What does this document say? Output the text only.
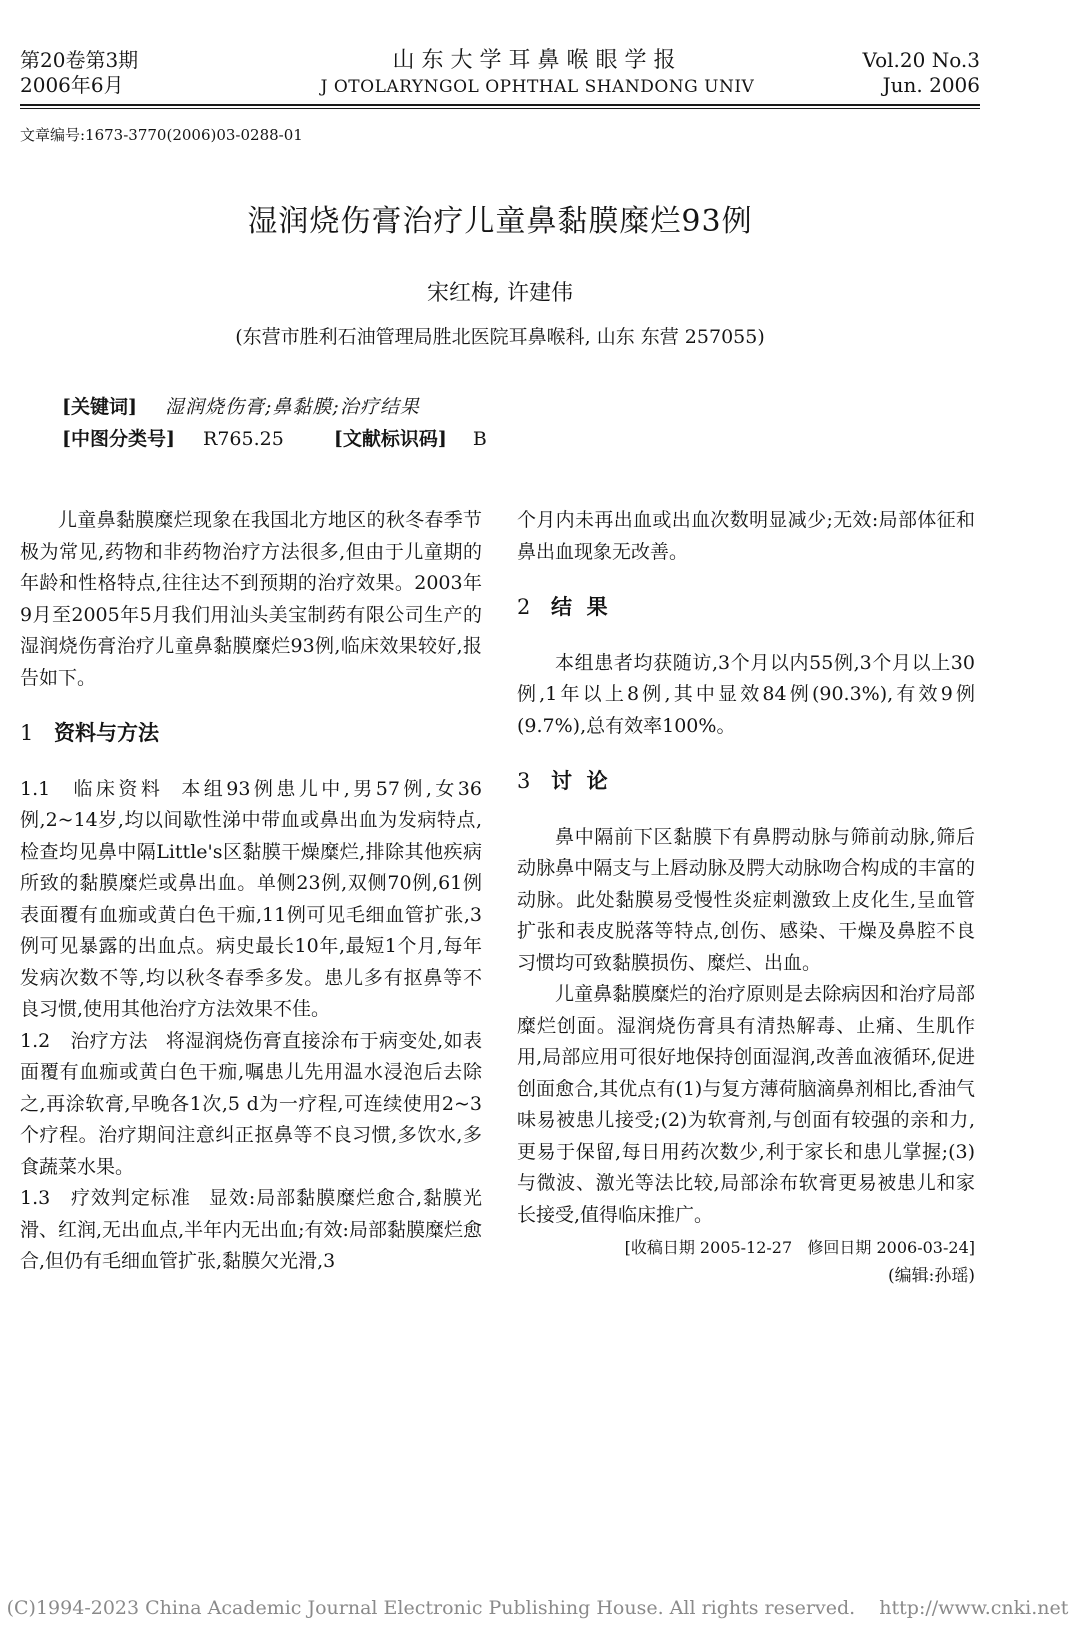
第20卷第3期
2006年6月
山东大学耳鼻喉眼学报
J OTOLARYNGOL OPHTHAL SHANDONG UNIV
Vol.20 No.3
Jun. 2006
文章编号:1673-3770(2006)03-0288-01
湿润烧伤膏治疗儿童鼻黏膜糜烂93例
宋红梅, 许建伟
(东营市胜利石油管理局胜北医院耳鼻喉科, 山东 东营 257055)
[关键词] 湿润烧伤膏;鼻黏膜;治疗结果
[中图分类号] R765.25	[文献标识码] B

儿童鼻黏膜糜烂现象在我国北方地区的秋冬春季节极为常见,药物和非药物治疗方法很多,但由于儿童期的年龄和性格特点,往往达不到预期的治疗效果。2003年9月至2005年5月我们用汕头美宝制药有限公司生产的湿润烧伤膏治疗儿童鼻黏膜糜烂93例,临床效果较好,报告如下。

1 资料与方法

1.1 临床资料 本组93例患儿中,男57例,女36例,2~14岁,均以间歇性涕中带血或鼻出血为发病特点,检查均见鼻中隔Little's区黏膜干燥糜烂,排除其他疾病所致的黏膜糜烂或鼻出血。单侧23例,双侧70例,61例表面覆有血痂或黄白色干痂,11例可见毛细血管扩张,3例可见暴露的出血点。病史最长10年,最短1个月,每年发病次数不等,均以秋冬春季多发。患儿多有抠鼻等不良习惯,使用其他治疗方法效果不佳。

1.2 治疗方法 将湿润烧伤膏直接涂布于病变处,如表面覆有血痂或黄白色干痂,嘱患儿先用温水浸泡后去除之,再涂软膏,早晚各1次,5 d为一疗程,可连续使用2~3个疗程。治疗期间注意纠正抠鼻等不良习惯,多饮水,多食蔬菜水果。

1.3 疗效判定标准 显效:局部黏膜糜烂愈合,黏膜光滑、红润,无出血点,半年内无出血;有效:局部黏膜糜烂愈合,但仍有毛细血管扩张,黏膜欠光滑,3

个月内未再出血或出血次数明显减少;无效:局部体征和鼻出血现象无改善。

2 结  果

本组患者均获随访,3个月以内55例,3个月以上30例,1年以上8例,其中显效84例(90.3%),有效9例(9.7%),总有效率100%。

3 讨  论

鼻中隔前下区黏膜下有鼻腭动脉与筛前动脉,筛后动脉鼻中隔支与上唇动脉及腭大动脉吻合构成的丰富的动脉。此处黏膜易受慢性炎症刺激致上皮化生,呈血管扩张和表皮脱落等特点,创伤、感染、干燥及鼻腔不良习惯均可致黏膜损伤、糜烂、出血。

儿童鼻黏膜糜烂的治疗原则是去除病因和治疗局部糜烂创面。湿润烧伤膏具有清热解毒、止痛、生肌作用,局部应用可很好地保持创面湿润,改善血液循环,促进创面愈合,其优点有(1)与复方薄荷脑滴鼻剂相比,香油气味易被患儿接受;(2)为软膏剂,与创面有较强的亲和力,更易于保留,每日用药次数少,利于家长和患儿掌握;(3)与微波、激光等法比较,局部涂布软膏更易被患儿和家长接受,值得临床推广。

[收稿日期 2005-12-27   修回日期 2006-03-24]
(编辑:孙瑶)
(C)1994-2023 China Academic Journal Electronic Publishing House. All rights reserved.    http://www.cnki.net
